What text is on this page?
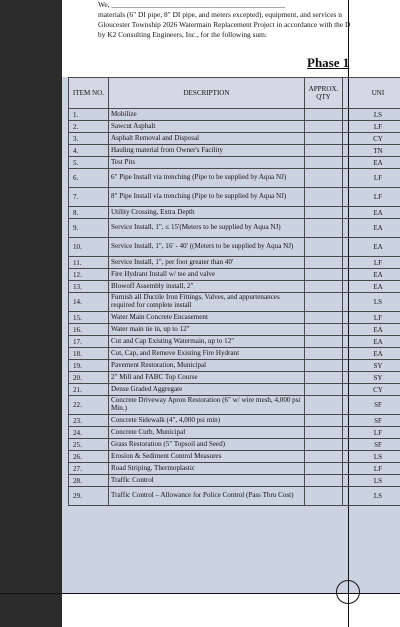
We, _______________________________________________
materials (6" DI pipe, 8" DI pipe, and meters excepted), equipment, and services n
Gloucester Township 2026 Watermain Replacement Project in accordance with the D
by K2 Consulting Engineers, Inc., for the following sum:
Phase 1
ITEM NO.	DESCRIPTION	APPROX. QTY	UNI
1.	Mobilize		LS
2.	Sawcut Asphalt		LF
3.	Asphalt Removal and Disposal		CY
4.	Hauling material from Owner's Facility		TN
5.	Test Pits		EA
6.	6" Pipe Install via trenching (Pipe to be supplied by Aqua NJ)		LF
7.	8" Pipe Install via trenching (Pipe to be supplied by Aqua NJ)		LF
8.	Utility Crossing, Extra Depth		EA
9.	Service Install, 1", ≤ 15'(Meters to be supplied by Aqua NJ)		EA
10.	Service Install, 1", 16' - 40' ((Meters to be supplied by Aqua NJ)		EA
11.	Service Install, 1", per foot greater than 40'		LF
12.	Fire Hydrant Install w/ tee and valve		EA
13.	Blowoff Assembly install, 2"		EA
14.	Furnish all Ductile Iron Fittings, Valves, and appurtenances required for complete install		LS
15.	Water Main Concrete Encasement		LF
16.	Water main tie in, up to 12"		EA
17.	Cut and Cap Existing Watermain, up to 12"		EA
18.	Cut, Cap, and Remove Existing Fire Hydrant		EA
19.	Pavement Restoration, Municipal		SY
20.	2" Mill and FABC Top Course		SY
21.	Dense Graded Aggregate		CY
22.	Concrete Driveway Apron Restoration (6" w/ wire mesh, 4,000 psi Min.)		SF
23.	Concrete Sidewalk (4", 4,000 psi min)		SF
24.	Concrete Curb, Municipal		LF
25.	Grass Restoration (5" Topsoil and Seed)		SF
26.	Erosion & Sediment Control Measures		LS
27.	Road Striping, Thermoplastic		LF
28.	Traffic Control		LS
29.	Traffic Control – Allowance for Police Control (Pass Thru Cost)		LS
